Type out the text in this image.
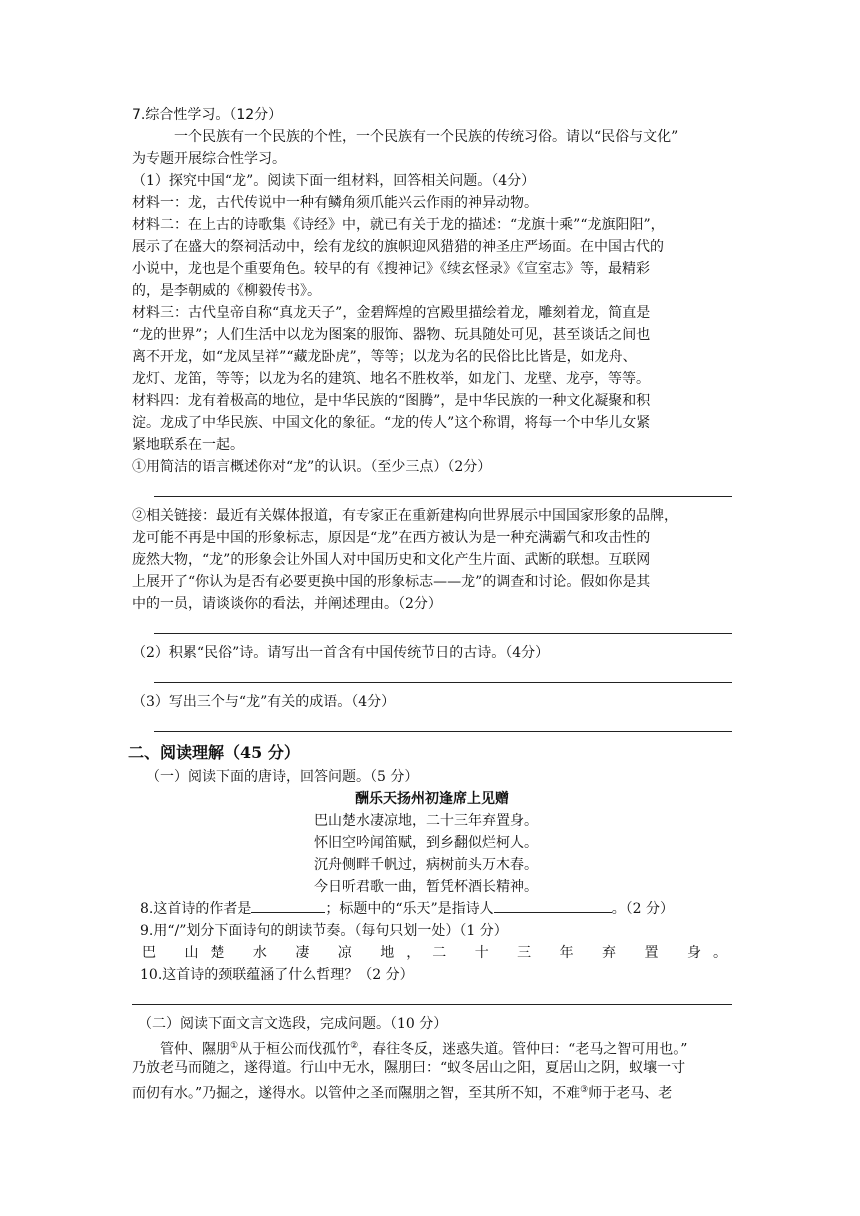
7.综合性学习。（12分）
一个民族有一个民族的个性，一个民族有一个民族的传统习俗。请以“民俗与文化”
为专题开展综合性学习。
（1）探究中国“龙”。阅读下面一组材料，回答相关问题。（4分）
材料一：龙，古代传说中一种有鳞角须爪能兴云作雨的神异动物。
材料二：在上古的诗歌集《诗经》中，就已有关于龙的描述：“龙旗十乘”“龙旗阳阳”，
展示了在盛大的祭祠活动中，绘有龙纹的旗帜迎风猎猎的神圣庄严场面。在中国古代的
小说中，龙也是个重要角色。较早的有《搜神记》《续玄怪录》《宣室志》等，最精彩
的，是李朝威的《柳毅传书》。
材料三：古代皇帝自称“真龙天子”，金碧辉煌的宫殿里描绘着龙，雕刻着龙，简直是
“龙的世界”；人们生活中以龙为图案的服饰、器物、玩具随处可见，甚至谈话之间也
离不开龙，如“龙凤呈祥”“藏龙卧虎”，等等；以龙为名的民俗比比皆是，如龙舟、
龙灯、龙笛，等等；以龙为名的建筑、地名不胜枚举，如龙门、龙壁、龙亭，等等。
材料四：龙有着极高的地位，是中华民族的“图腾”，是中华民族的一种文化凝聚和积
淀。龙成了中华民族、中国文化的象征。“龙的传人”这个称谓，将每一个中华儿女紧
紧地联系在一起。
①用简洁的语言概述你对“龙”的认识。（至少三点）（2分）
②相关链接：最近有关媒体报道，有专家正在重新建构向世界展示中国国家形象的品牌，
龙可能不再是中国的形象标志，原因是“龙”在西方被认为是一种充满霸气和攻击性的
庞然大物，“龙”的形象会让外国人对中国历史和文化产生片面、武断的联想。互联网
上展开了“你认为是否有必要更换中国的形象标志——龙”的调查和讨论。假如你是其
中的一员，请谈谈你的看法，并阐述理由。（2分）
（2）积累“民俗”诗。请写出一首含有中国传统节日的古诗。（4分）
（3）写出三个与“龙”有关的成语。（4分）
二、阅读理解（45 分）
（一）阅读下面的唐诗，回答问题。（5 分）
酬乐天扬州初逢席上见赠
巴山楚水凄凉地，二十三年弃置身。
怀旧空吟闻笛赋，到乡翻似烂柯人。
沉舟侧畔千帆过，病树前头万木春。
今日听君歌一曲，暂凭杯酒长精神。
8.这首诗的作者是	；标题中的“乐天”是指诗人	。（2 分）
9.用“/”划分下面诗句的朗读节奏。（每句只划一处）（1 分）
巴 山楚 水 凄 凉 地，二 十 三 年 弃 置 身。
10.这首诗的颈联蕴涵了什么哲理？（2 分）
（二）阅读下面文言文选段，完成问题。（10 分）
管仲、隰朋①从于桓公而伐孤竹②，春往冬反，迷惑失道。管仲曰：“老马之智可用也。”
乃放老马而随之，遂得道。行山中无水，隰朋曰：“蚁冬居山之阳，夏居山之阴，蚁壤一寸
而仞有水。”乃掘之，遂得水。以管仲之圣而隰朋之智，至其所不知，不难③师于老马、老
